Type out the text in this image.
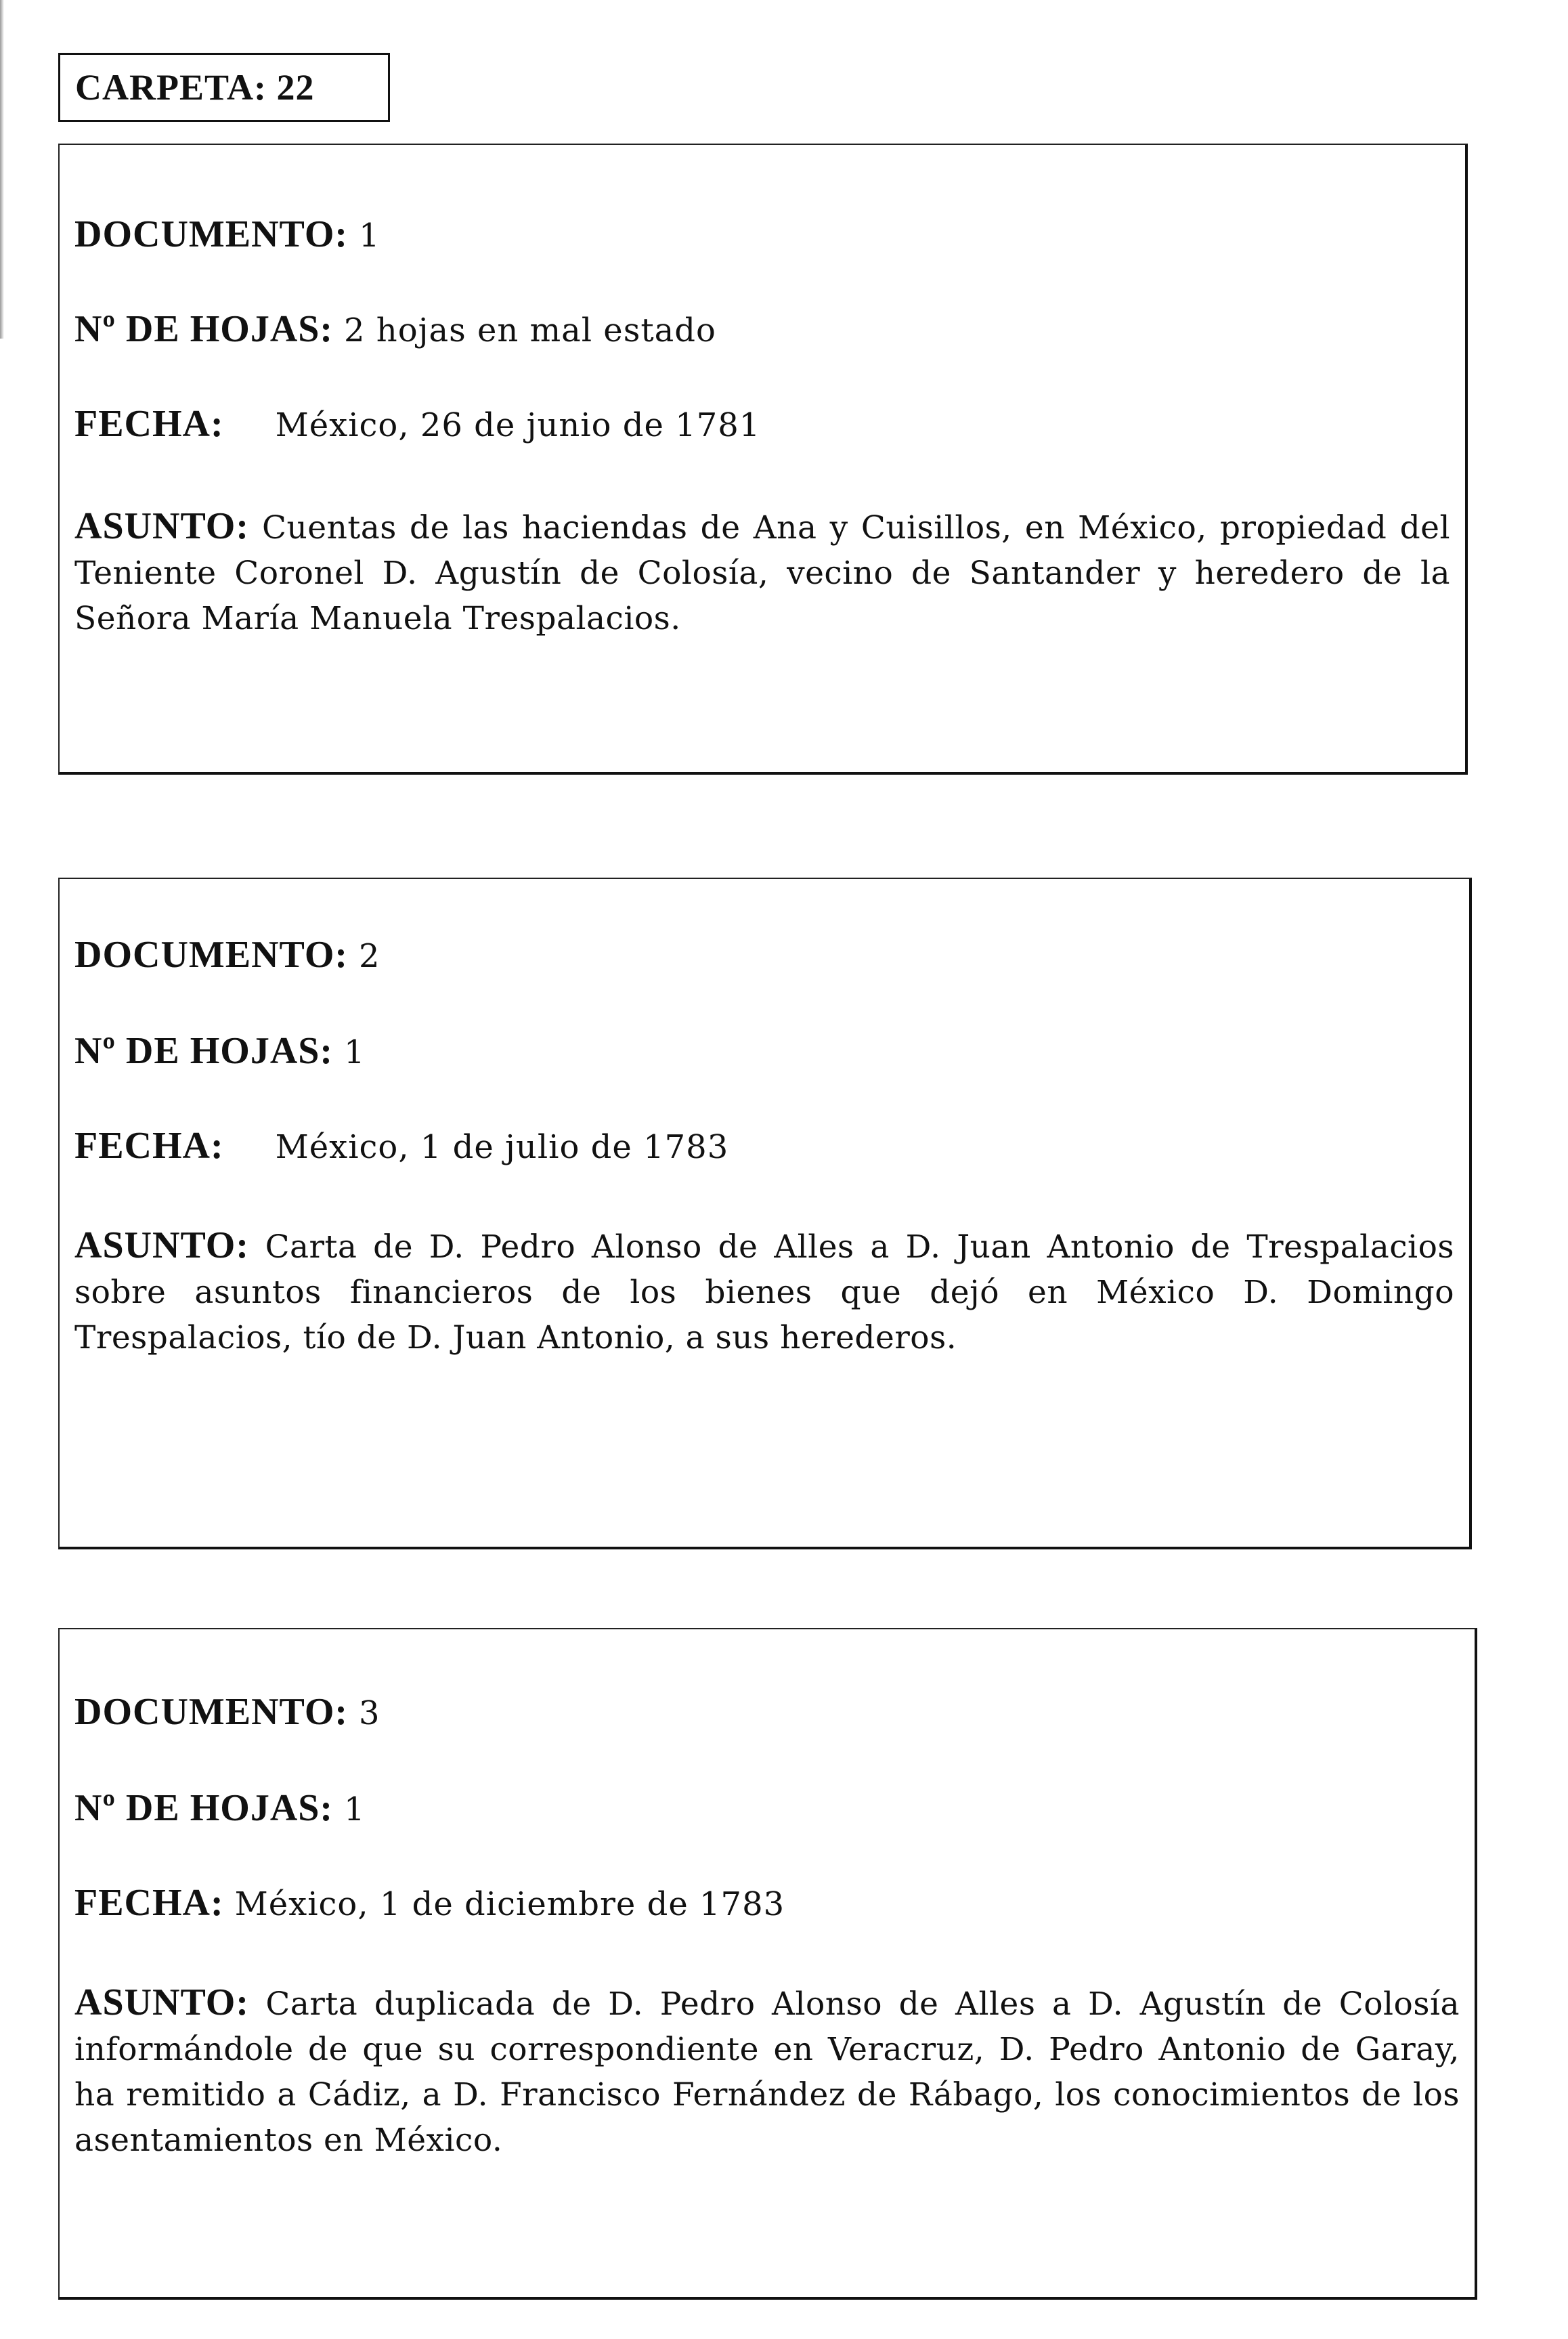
CARPETA:
22
DOCUMENTO: 1
Nº DE HOJAS: 2 hojas en mal estado
FECHA: México, 26 de junio de 1781
ASUNTO: Cuentas de las haciendas de Ana y Cuisillos, en México, propiedad del Teniente Coronel D. Agustín de Colosía, vecino de Santander y heredero de la Señora María Manuela Trespalacios.
DOCUMENTO: 2
Nº DE HOJAS: 1
FECHA: México, 1 de julio de 1783
ASUNTO: Carta de D. Pedro Alonso de Alles a D. Juan Antonio de Trespalacios sobre asuntos financieros de los bienes que dejó en México D. Domingo Trespalacios, tío de D. Juan Antonio, a sus herederos.
DOCUMENTO: 3
Nº DE HOJAS: 1
FECHA: México, 1 de diciembre de 1783
ASUNTO: Carta duplicada de D. Pedro Alonso de Alles a D. Agustín de Colosía informándole de que su correspondiente en Veracruz, D. Pedro Antonio de Garay, ha remitido a Cádiz, a D. Francisco Fernández de Rábago, los conocimientos de los asentamientos en México.
